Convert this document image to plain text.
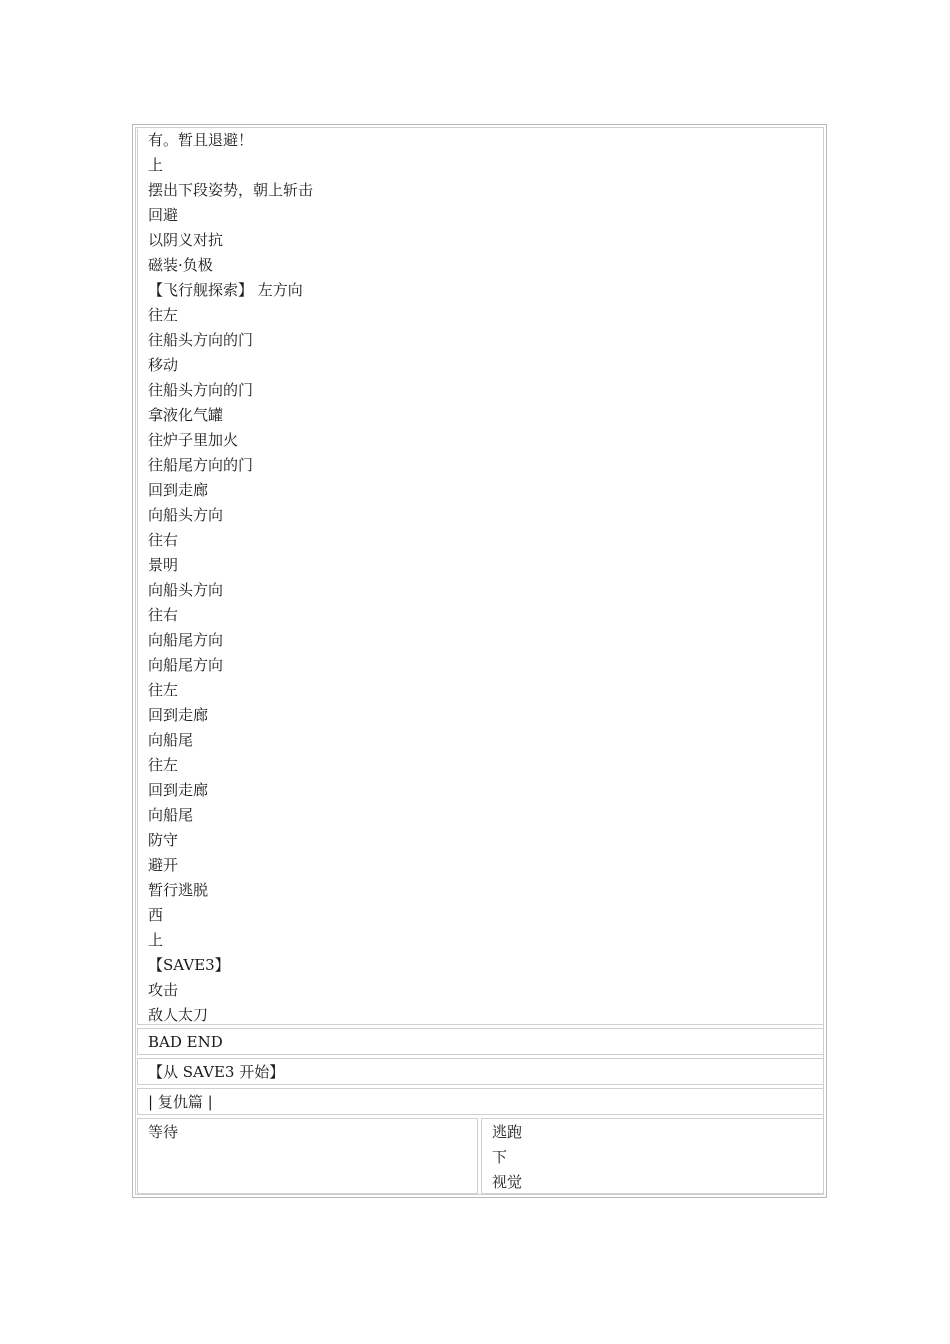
有。暂且退避！
上
摆出下段姿势，朝上斩击
回避
以阴义对抗
磁装·负极
【飞行舰探索】 左方向
往左
往船头方向的门
移动
往船头方向的门
拿液化气罐
往炉子里加火
往船尾方向的门
回到走廊
向船头方向
往右
景明
向船头方向
往右
向船尾方向
向船尾方向
往左
回到走廊
向船尾
往左
回到走廊
向船尾
防守
避开
暂行逃脱
西
上
【SAVE3】
攻击
敌人太刀
BAD END
【从 SAVE3 开始】
| 复仇篇 |
等待	逃跑
下
视觉
